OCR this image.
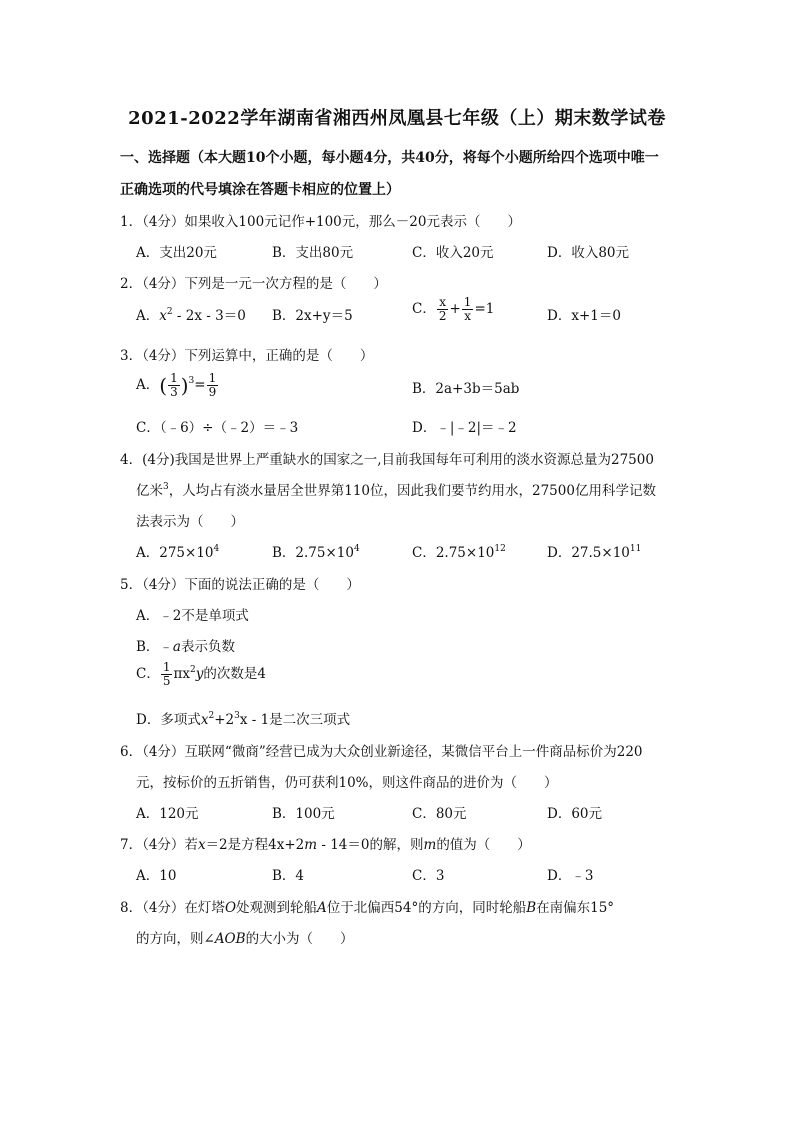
2021-2022学年湖南省湘西州凤凰县七年级（上）期末数学试卷
一、选择题（本大题10个小题，每小题4分，共40分，将每个小题所给四个选项中唯一
正确选项的代号填涂在答题卡相应的位置上）
1．（4分）如果收入100元记作+100元，那么－20元表示（　　）
A．支出20元	B．支出80元	C．收入20元	D．收入80元
2．（4分）下列是一元一次方程的是（　　）
A．$x^2 - 2x - 3=0$ B．2x+y＝5	C． $\frac{x}{2} + \frac{1}{x} =1$	D．x+1＝0
3．（4分）下列运算中，正确的是（　　）
A．( $\frac{1}{3} )^3= \frac{1}{9}$	B．2a+3b＝5ab
C．（﹣6）÷（﹣2）＝﹣3	D．﹣|﹣2|＝﹣2
4．(4分)我国是世界上严重缺水的国家之一,目前我国每年可利用的淡水资源总量为27500
亿米$^3$，人均占有淡水量居全世界第110位，因此我们要节约用水，27500亿用科学记数
法表示为（　　）
A．$275\times 10^4$	B．$2.75\times 10^4$	C．$2.75\times 10^{12}$	D．$27.5\times 10^{11}$
5．（4分）下面的说法正确的是（　　）
A．﹣2不是单项式
B．﹣a表示负数
C． $\frac{1}{5} \pi x^2y$的次数是4
D．多项式$x^2+2^3x - 1$是二次三项式
6．（4分）互联网“微商”经营已成为大众创业新途径，某微信平台上一件商品标价为220
元，按标价的五折销售，仍可获利10%，则这件商品的进价为（　　）
A．120元	B．100元	C．80元	D．60元
7．（4分）若x＝2是方程4x+2m - 14＝0的解，则m的值为（　　）
A．10	B．4	C．3	D．﹣3
8．（4分）在灯塔O处观测到轮船A位于北偏西54°的方向，同时轮船B在南偏东15°
的方向，则∠AOB的大小为（　　）
